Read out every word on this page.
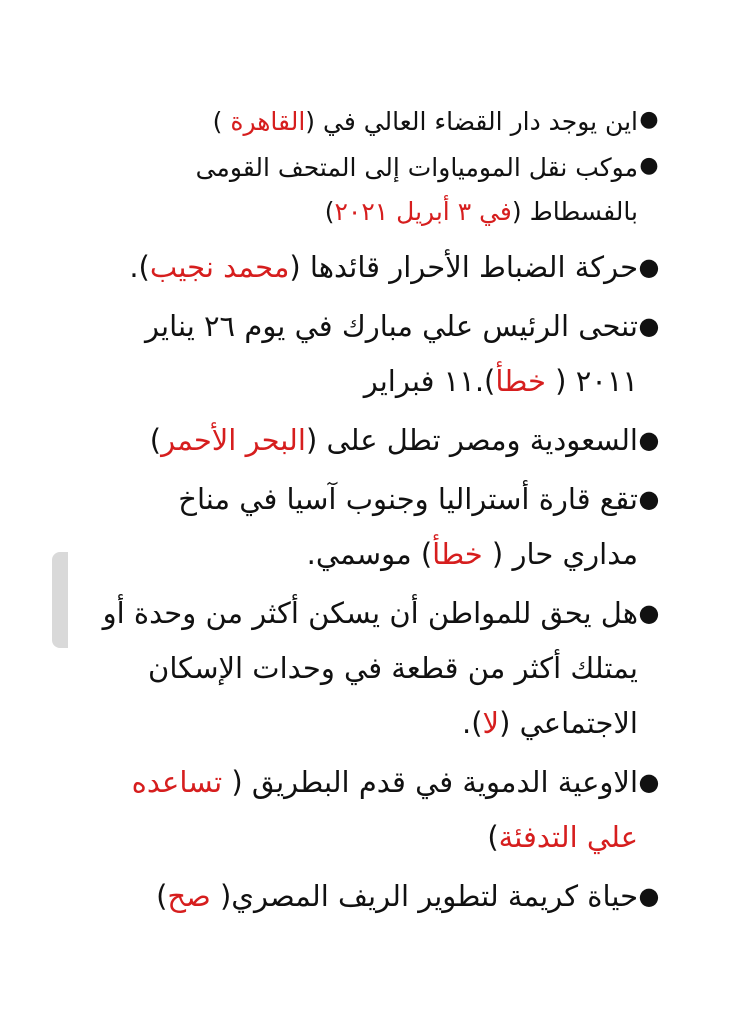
●
اين يوجد دار القضاء العالي في (القاهرة )
●
موكب نقل المومياوات إلى المتحف القومى بالفسطاط (في ٣ أبريل ٢٠٢١)
●
حركة الضباط الأحرار قائدها (محمد نجيب).
●
تنحى الرئيس علي مبارك في يوم ٢٦ يناير ٢٠١١ ( خطأ).١١ فبراير
●
السعودية ومصر تطل على (البحر الأحمر)
●
تقع قارة أستراليا وجنوب آسيا في مناخ مداري حار ( خطأ) موسمي.
●
هل يحق للمواطن أن يسكن أكثر من وحدة أو يمتلك أكثر من قطعة في وحدات الإسكان الاجتماعي (لا).
●
الاوعية الدموية في قدم البطريق ( تساعده علي التدفئة)
●
حياة كريمة لتطوير الريف المصري( صح)
